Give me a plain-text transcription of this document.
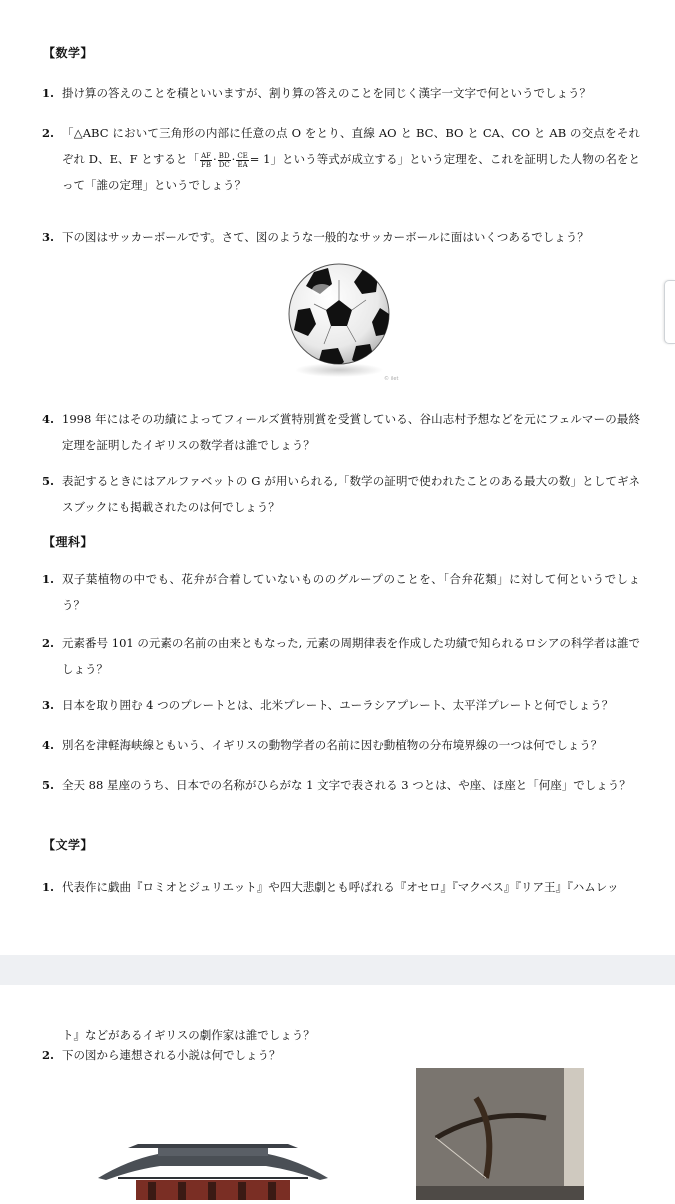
【数学】
1. 掛け算の答えのことを積といいますが、割り算の答えのことを同じく漢字一文字で何というでしょう？
2. 「△ABC において三角形の内部に任意の点 O をとり、直線 AO と BC、BO と CA、CO と AB の交点をそれぞれ D、E、F とすると「 $\frac{AF}{FB} \cdot \frac{BD}{DC} \cdot \frac{CE}{EA} = 1$」という等式が成立する」という定理を、これを証明した人物の名をとって「誰の定理」というでしょう？
3. 下の図はサッカーボールです。さて、図のような一般的なサッカーボールに面はいくつあるでしょう？
© ilet
4. 1998 年にはその功績によってフィールズ賞特別賞を受賞している、谷山志村予想などを元にフェルマーの最終定理を証明したイギリスの数学者は誰でしょう？
5. 表記するときにはアルファベットの G が用いられる,「数学の証明で使われたことのある最大の数」としてギネスブックにも掲載されたのは何でしょう？
【理科】
1. 双子葉植物の中でも、花弁が合着していないもののグループのことを、「合弁花類」に対して何というでしょう？
2. 元素番号 101 の元素の名前の由来ともなった, 元素の周期律表を作成した功績で知られるロシアの科学者は誰でしょう？
3. 日本を取り囲む 4 つのプレートとは、北米プレート、ユーラシアプレート、太平洋プレートと何でしょう？
4. 別名を津軽海峡線ともいう、イギリスの動物学者の名前に因む動植物の分布境界線の一つは何でしょう？
5. 全天 88 星座のうち、日本での名称がひらがな 1 文字で表される 3 つとは、や座、ほ座と「何座」でしょう？
【文学】
1. 代表作に戯曲『ロミオとジュリエット』や四大悲劇とも呼ばれる『オセロ』『マクベス』『リア王』『ハムレッ
ト』などがあるイギリスの劇作家は誰でしょう？
2. 下の図から連想される小説は何でしょう？
